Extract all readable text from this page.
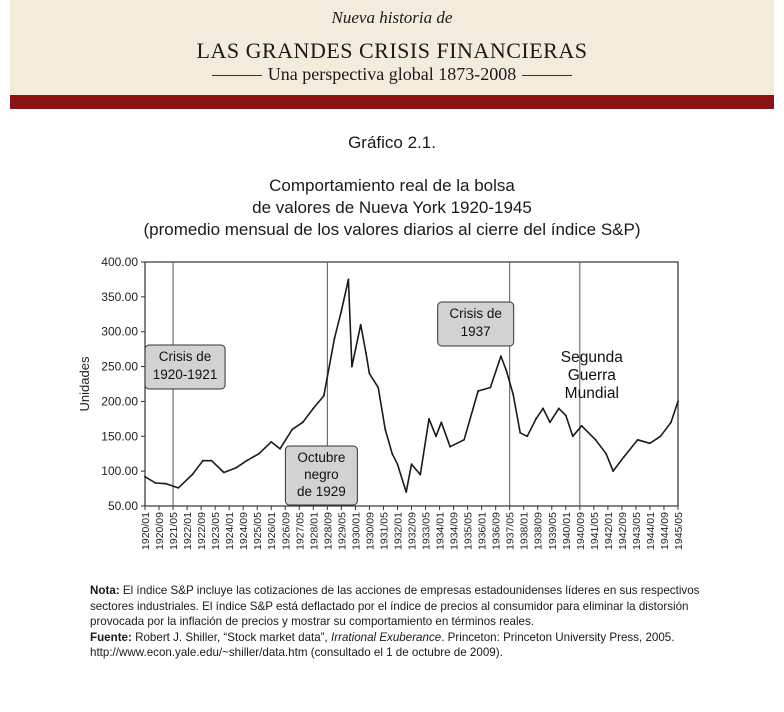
Nueva historia de
LAS GRANDES CRISIS FINANCIERAS
Una perspectiva global 1873-2008
Gráfico 2.1.
Comportamiento real de la bolsa
de valores de Nueva York 1920-1945
(promedio mensual de los valores diarios al cierre del índice S&P)
400.00
350.00
300.00
250.00
200.00
150.00
100.00
50.00
Unidades
1920/01 1920/09 1921/05 1922/01 1922/09 1923/05 1924/01 1924/09 1925/05 1926/01 1926/09 1927/05 1928/01 1928/09 1929/05 1930/01 1930/09 1931/05 1932/01 1932/09 1933/05 1934/01 1934/09 1935/05 1936/01 1936/09 1937/05 1938/01 1938/09 1939/05 1940/01 1940/09 1941/05 1942/01 1942/09 1943/05 1944/01 1944/09 1945/05
Crisis de
1920-1921
Octubre
negro
de 1929
Crisis de
1937
Segunda
Guerra
Mundial

Nota: El índice S&P incluye las cotizaciones de las acciones de empresas estadounidenses líderes en sus respectivos sectores industriales. El índice S&P está deflactado por el índice de precios al consumidor para eliminar la distorsión provocada por la inflación de precios y mostrar su comportamiento en términos reales.

Fuente: Robert J. Shiller, “Stock market data”, Irrational Exuberance. Princeton: Princeton University Press, 2005. http://www.econ.yale.edu/~shiller/data.htm (consultado el 1 de octubre de 2009).
